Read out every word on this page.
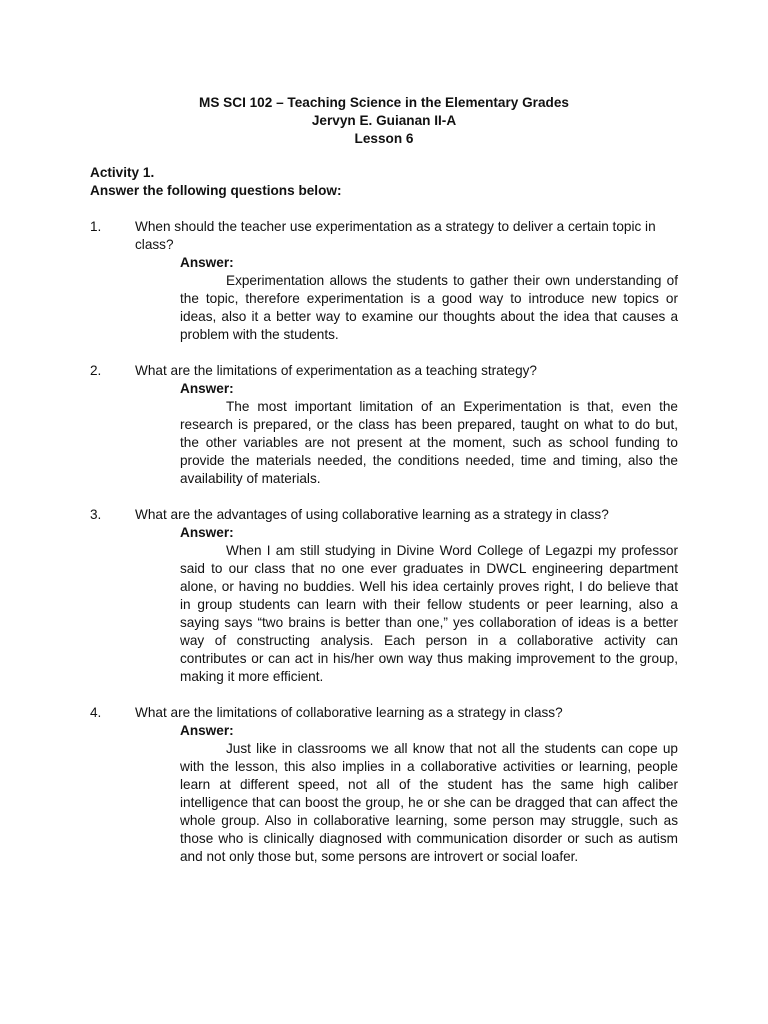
MS SCI 102 – Teaching Science in the Elementary Grades
Jervyn E. Guianan II-A
Lesson 6
Activity 1.
Answer the following questions below:
1. When should the teacher use experimentation as a strategy to deliver a certain topic in class?
Answer:
Experimentation allows the students to gather their own understanding of the topic, therefore experimentation is a good way to introduce new topics or ideas, also it a better way to examine our thoughts about the idea that causes a problem with the students.
2. What are the limitations of experimentation as a teaching strategy?
Answer:
The most important limitation of an Experimentation is that, even the research is prepared, or the class has been prepared, taught on what to do but, the other variables are not present at the moment, such as school funding to provide the materials needed, the conditions needed, time and timing, also the availability of materials.
3. What are the advantages of using collaborative learning as a strategy in class?
Answer:
When I am still studying in Divine Word College of Legazpi my professor said to our class that no one ever graduates in DWCL engineering department alone, or having no buddies. Well his idea certainly proves right, I do believe that in group students can learn with their fellow students or peer learning, also a saying says “two brains is better than one,” yes collaboration of ideas is a better way of constructing analysis. Each person in a collaborative activity can contributes or can act in his/her own way thus making improvement to the group, making it more efficient.
4. What are the limitations of collaborative learning as a strategy in class?
Answer:
Just like in classrooms we all know that not all the students can cope up with the lesson, this also implies in a collaborative activities or learning, people learn at different speed, not all of the student has the same high caliber intelligence that can boost the group, he or she can be dragged that can affect the whole group. Also in collaborative learning, some person may struggle, such as those who is clinically diagnosed with communication disorder or such as autism and not only those but, some persons are introvert or social loafer.
